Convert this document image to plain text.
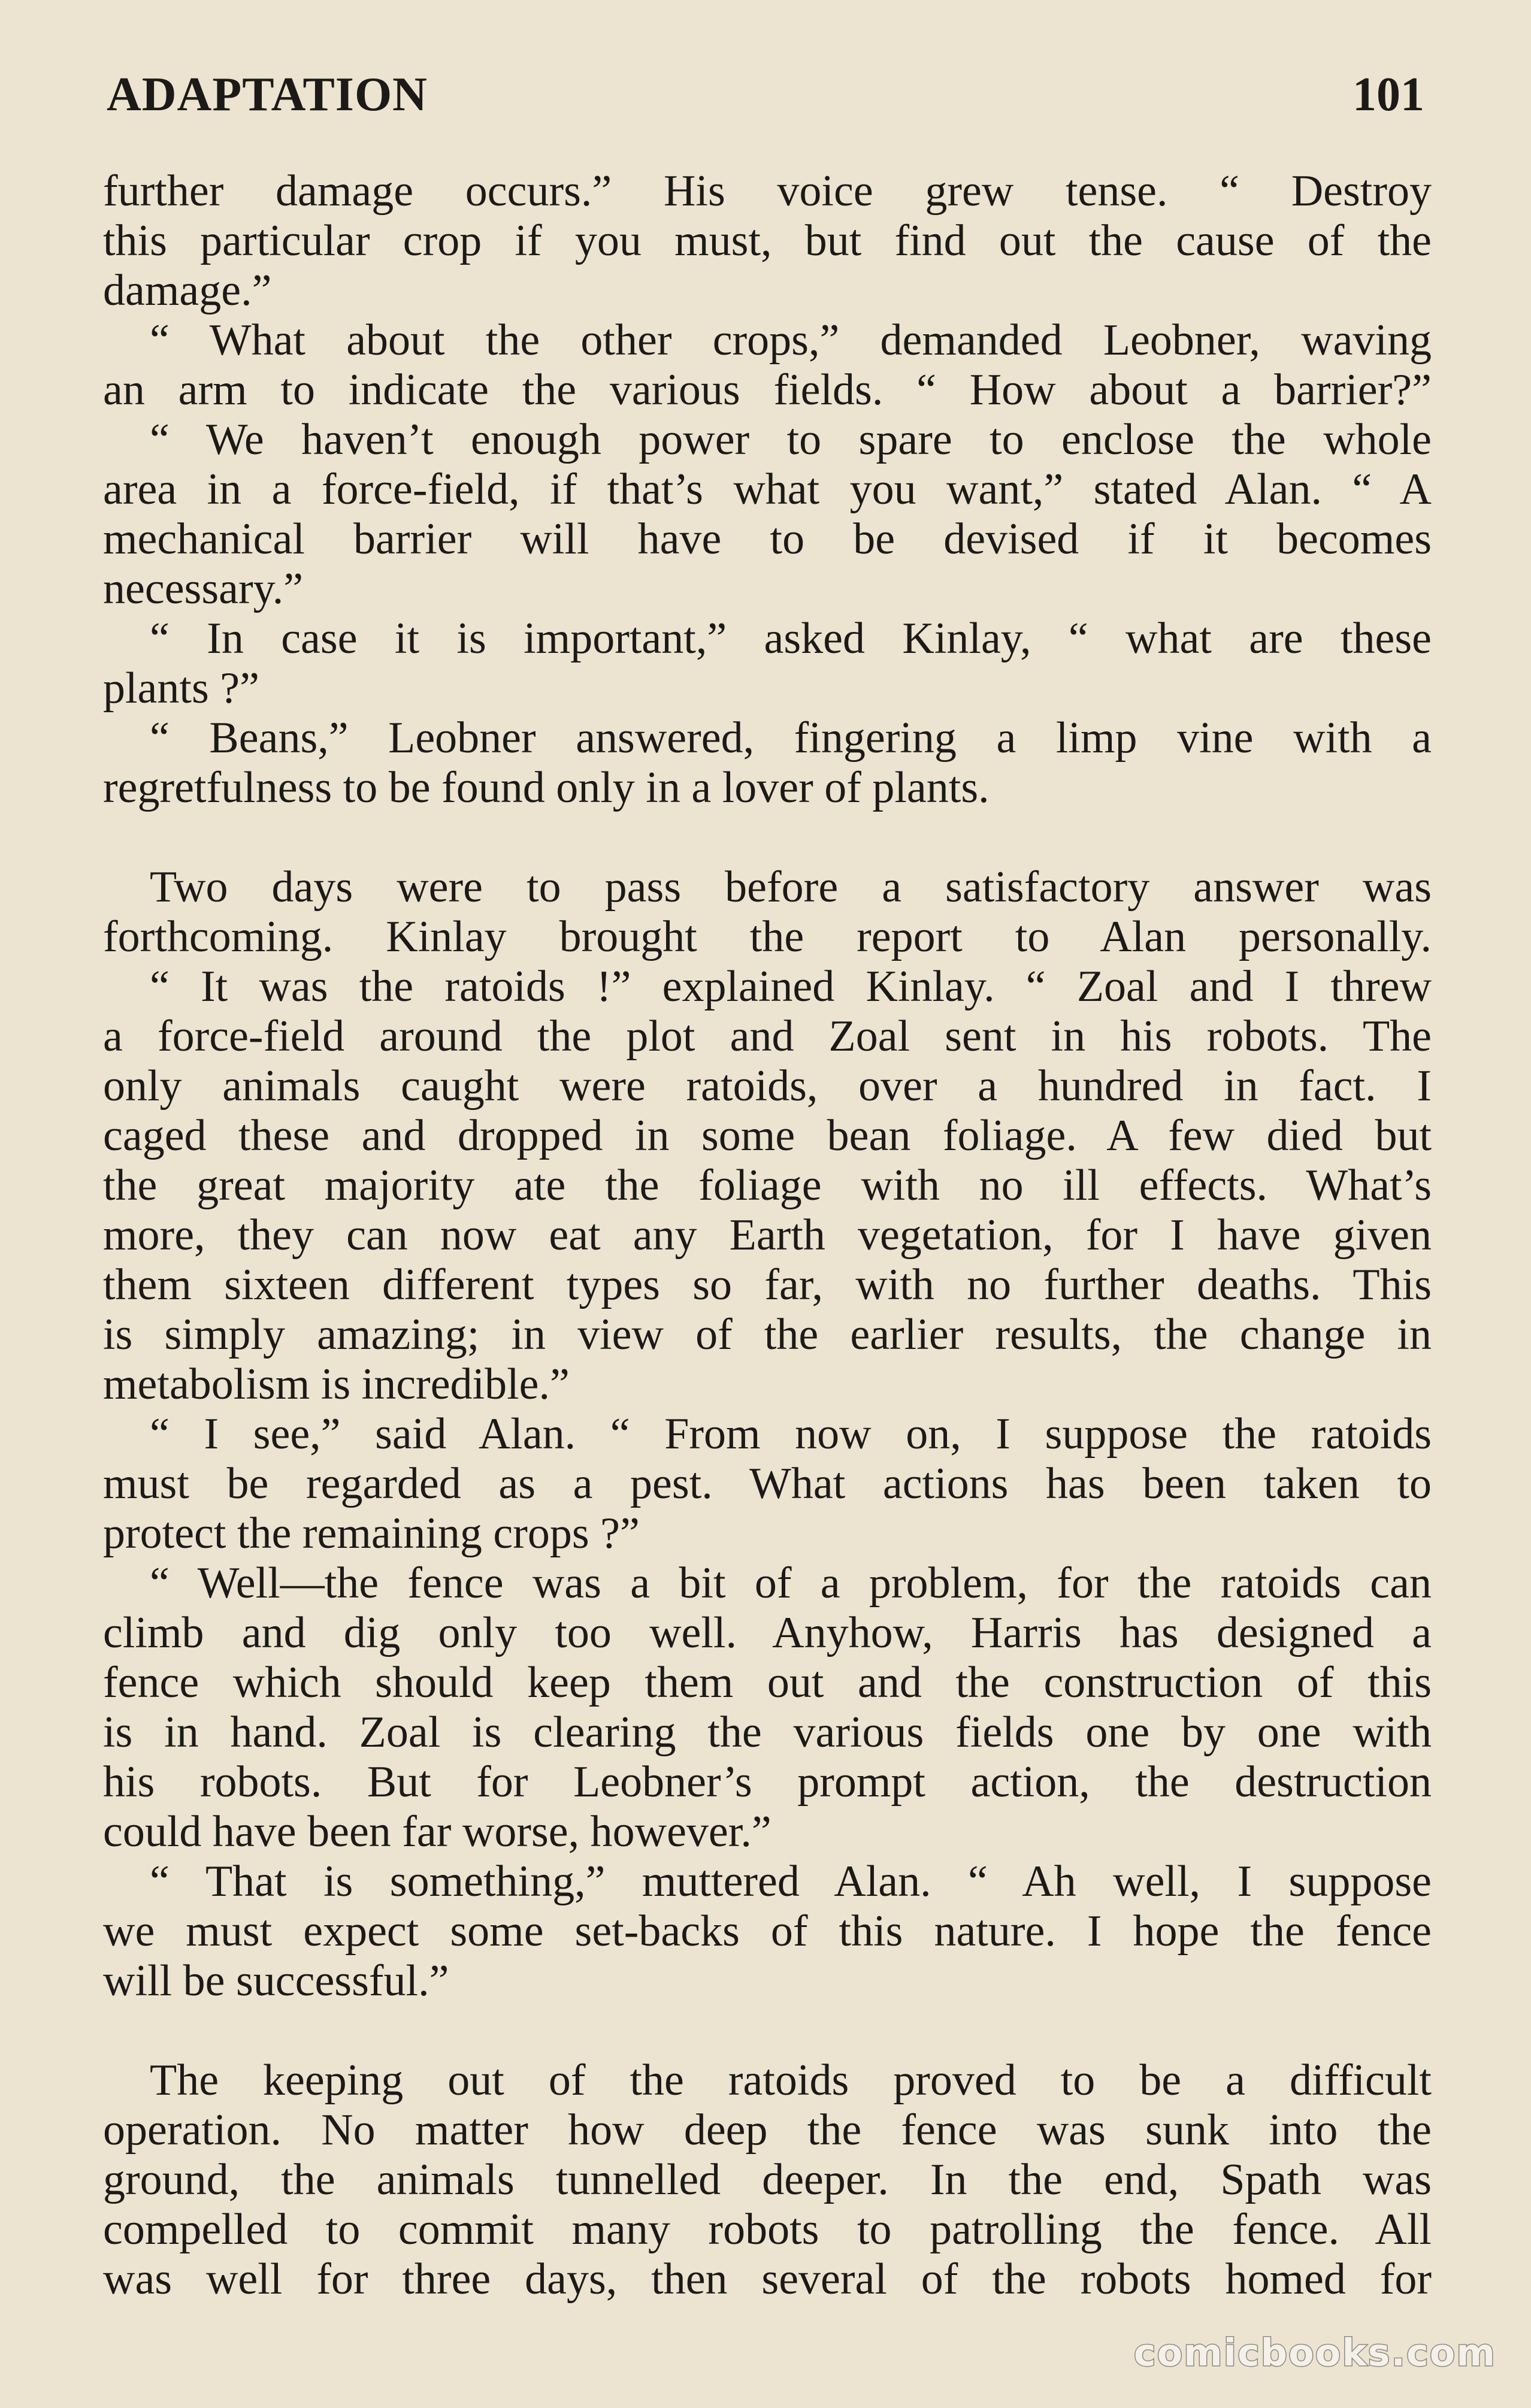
ADAPTATION	101
further damage occurs.” His voice grew tense. “ Destroy
this particular crop if you must, but find out the cause of the
damage.”
“ What about the other crops,” demanded Leobner, waving
an arm to indicate the various fields. “ How about a barrier?”
“ We haven’t enough power to spare to enclose the whole
area in a force-field, if that’s what you want,” stated Alan. “ A
mechanical barrier will have to be devised if it becomes
necessary.”
“ In case it is important,” asked Kinlay, “ what are these
plants ?”
“ Beans,” Leobner answered, fingering a limp vine with a
regretfulness to be found only in a lover of plants.
Two days were to pass before a satisfactory answer was
forthcoming. Kinlay brought the report to Alan personally.
“ It was the ratoids !” explained Kinlay. “ Zoal and I threw
a force-field around the plot and Zoal sent in his robots. The
only animals caught were ratoids, over a hundred in fact. I
caged these and dropped in some bean foliage. A few died but
the great majority ate the foliage with no ill effects. What’s
more, they can now eat any Earth vegetation, for I have given
them sixteen different types so far, with no further deaths. This
is simply amazing; in view of the earlier results, the change in
metabolism is incredible.”
“ I see,” said Alan. “ From now on, I suppose the ratoids
must be regarded as a pest. What actions has been taken to
protect the remaining crops ?”
“ Well—the fence was a bit of a problem, for the ratoids can
climb and dig only too well. Anyhow, Harris has designed a
fence which should keep them out and the construction of this
is in hand. Zoal is clearing the various fields one by one with
his robots. But for Leobner’s prompt action, the destruction
could have been far worse, however.”
“ That is something,” muttered Alan. “ Ah well, I suppose
we must expect some set-backs of this nature. I hope the fence
will be successful.”
The keeping out of the ratoids proved to be a difficult
operation. No matter how deep the fence was sunk into the
ground, the animals tunnelled deeper. In the end, Spath was
compelled to commit many robots to patrolling the fence. All
was well for three days, then several of the robots homed for
comicbooks.com
